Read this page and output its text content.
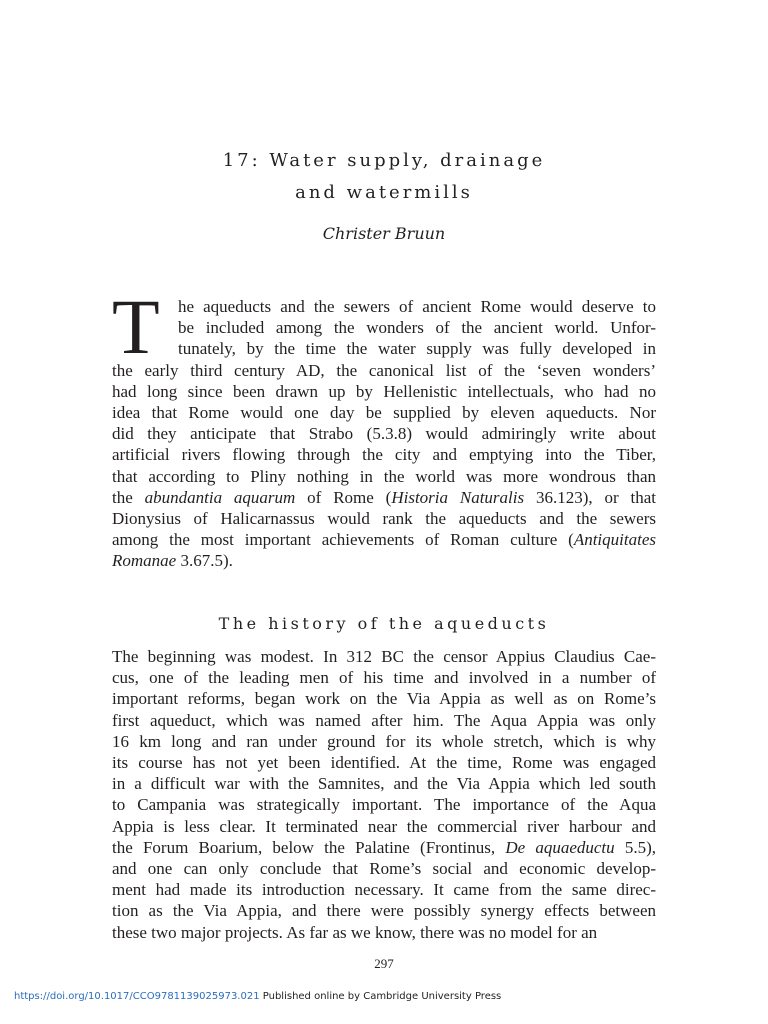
17: Water supply, drainage
and watermills

Christer Bruun

T he aqueducts and the sewers of ancient Rome would deserve to
be included among the wonders of the ancient world. Unfor-
tunately, by the time the water supply was fully developed in
the early third century AD, the canonical list of the ‘seven wonders’
had long since been drawn up by Hellenistic intellectuals, who had no
idea that Rome would one day be supplied by eleven aqueducts. Nor
did they anticipate that Strabo (5.3.8) would admiringly write about
artificial rivers flowing through the city and emptying into the Tiber,
that according to Pliny nothing in the world was more wondrous than
the abundantia aquarum of Rome (Historia Naturalis 36.123), or that
Dionysius of Halicarnassus would rank the aqueducts and the sewers
among the most important achievements of Roman culture (Antiquitates
Romanae 3.67.5).
The history of the aqueducts
The beginning was modest. In 312 BC the censor Appius Claudius Cae-
cus, one of the leading men of his time and involved in a number of
important reforms, began work on the Via Appia as well as on Rome’s
first aqueduct, which was named after him. The Aqua Appia was only
16 km long and ran under ground for its whole stretch, which is why
its course has not yet been identified. At the time, Rome was engaged
in a difficult war with the Samnites, and the Via Appia which led south
to Campania was strategically important. The importance of the Aqua
Appia is less clear. It terminated near the commercial river harbour and
the Forum Boarium, below the Palatine (Frontinus, De aquaeductu 5.5),
and one can only conclude that Rome’s social and economic develop-
ment had made its introduction necessary. It came from the same direc-
tion as the Via Appia, and there were possibly synergy effects between
these two major projects. As far as we know, there was no model for an
297
https://doi.org/10.1017/CCO9781139025973.021 Published online by Cambridge University Press
